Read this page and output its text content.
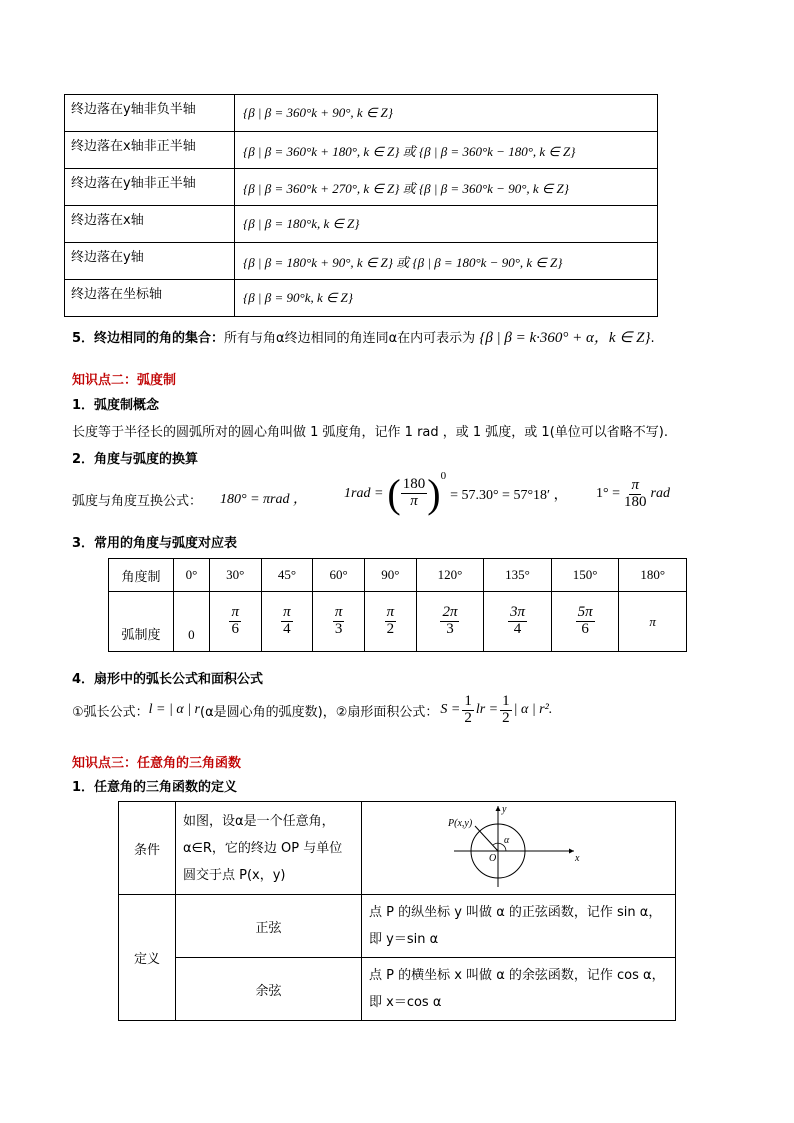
终边落在y轴非负半轴	{β | β = 360°k + 90°, k ∈ Z}
终边落在x轴非正半轴	{β | β = 360°k + 180°, k ∈ Z} 或 {β | β = 360°k − 180°, k ∈ Z}
终边落在y轴非正半轴	{β | β = 360°k + 270°, k ∈ Z} 或 {β | β = 360°k − 90°, k ∈ Z}
终边落在x轴	{β | β = 180°k, k ∈ Z}
终边落在y轴	{β | β = 180°k + 90°, k ∈ Z} 或 {β | β = 180°k − 90°, k ∈ Z}
终边落在坐标轴	{β | β = 90°k, k ∈ Z}
5．终边相同的角的集合：所有与角α终边相同的角连同α在内可表示为 {β | β = k·360° + α，k ∈ Z}.
知识点二：弧度制
1．弧度制概念
长度等于半径长的圆弧所对的圆心角叫做 1 弧度角，记作 1 rad ，或 1 弧度，或 1(单位可以省略不写).
2．角度与弧度的换算
弧度与角度互换公式： 180° = πrad ，	1rad = ( $\frac{180}{\pi} )^0$
= 57.30° = 57°18′ ， $1^\circ = \frac{\pi}{180}$ rad
3．常用的角度与弧度对应表
角度制	0°	30°	45°	60°	90°	120°	135°	150°	180°
弧制度	0	$\frac{\pi}{6}$	$\frac{\pi}{4}$	$\frac{\pi}{3}$	$\frac{\pi}{2}$	$\frac{2\pi}{3}$	$\frac{3\pi}{4}$	$\frac{5\pi}{6}$	π
4．扇形中的弧长公式和面积公式
①弧长公式： l = | α | r (α是圆心角的弧度数)，②扇形面积公式： $S = \frac{1}{2}$ lr = $\frac{1}{2}$ | α | r².
知识点三：任意角的三角函数
1．任意角的三角函数的定义
条件	如图，设α是一个任意角，α∈R，它的终边 OP 与单位圆交于点 P(x，y)	P(x,y)
α
O x
y

定义	正弦	点 P 的纵坐标 y 叫做 α 的正弦函数，记作 sin α，即 y＝sin α

	余弦	点 P 的横坐标 x 叫做 α 的余弦函数，记作 cos α，即 x＝cos α
